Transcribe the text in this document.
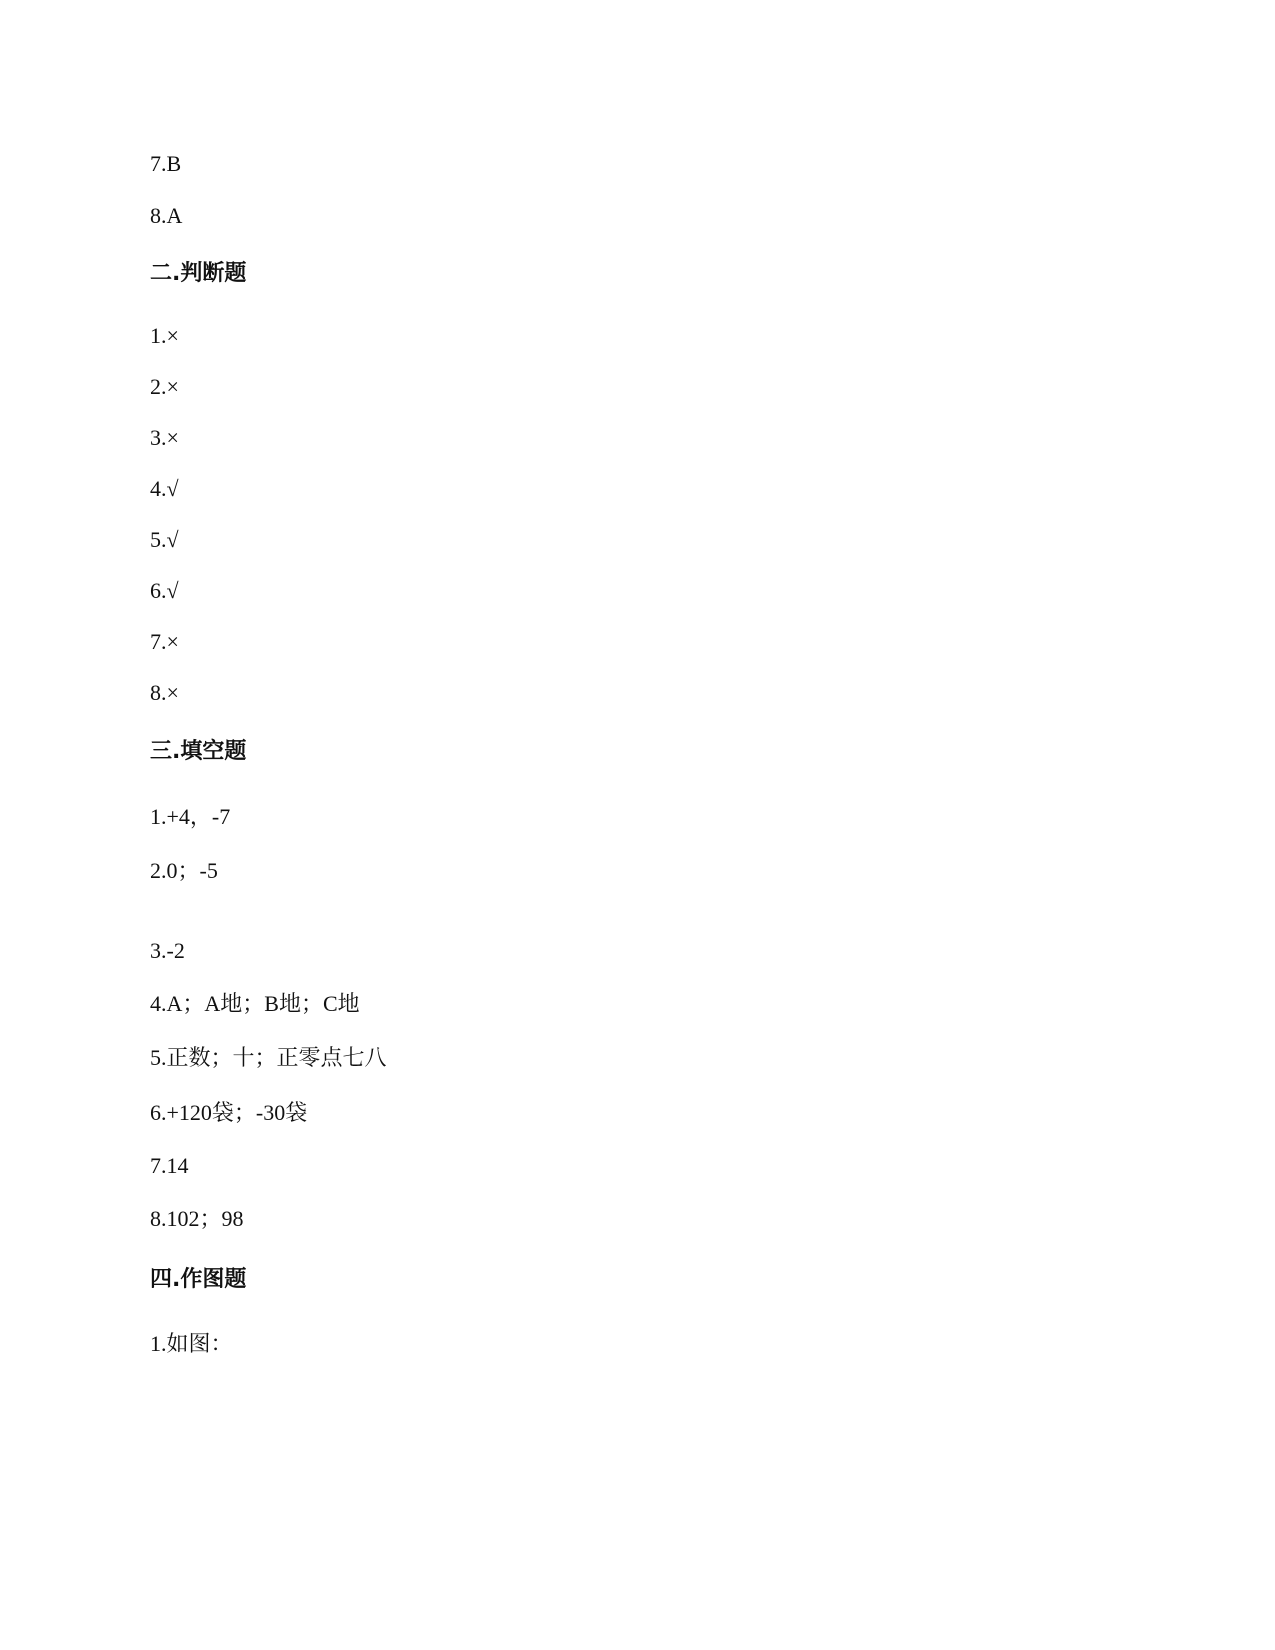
7.B
8.A
二.判断题
1.×
2.×
3.×
4.√
5.√
6.√
7.×
8.×
三.填空题
1.+4，-7
2.0；-5
3.-2
4.A；A地；B地；C地
5.正数；十；正零点七八
6.+120袋；-30袋
7.14
8.102；98
四.作图题
1.如图：
